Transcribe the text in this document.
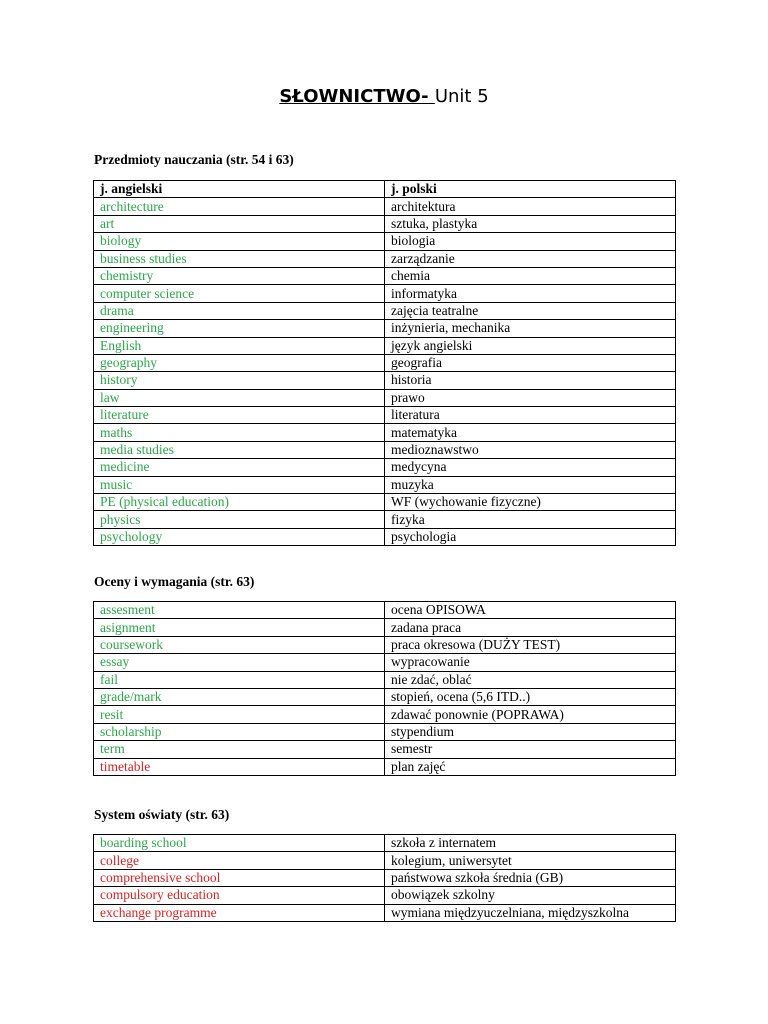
SŁOWNICTWO- Unit 5
Przedmioty nauczania (str. 54 i 63)
j. angielski	j. polski
architecture	architektura
art	sztuka, plastyka
biology	biologia
business studies	zarządzanie
chemistry	chemia
computer science	informatyka
drama	zajęcia teatralne
engineering	inżynieria, mechanika
English	język angielski
geography	geografia
history	historia
law	prawo
literature	literatura
maths	matematyka
media studies	medioznawstwo
medicine	medycyna
music	muzyka
PE (physical education)	WF (wychowanie fizyczne)
physics	fizyka
psychology	psychologia
Oceny i wymagania (str. 63)
assesment	ocena OPISOWA
asignment	zadana praca
coursework	praca okresowa (DUŻY TEST)
essay	wypracowanie
fail	nie zdać, oblać
grade/mark	stopień, ocena (5,6 ITD..)
resit	zdawać ponownie (POPRAWA)
scholarship	stypendium
term	semestr
timetable	plan zajęć
System oświaty (str. 63)
boarding school	szkoła z internatem
college	kolegium, uniwersytet
comprehensive school	państwowa szkoła średnia (GB)
compulsory education	obowiązek szkolny
exchange programme	wymiana międzyuczelniana, międzyszkolna
